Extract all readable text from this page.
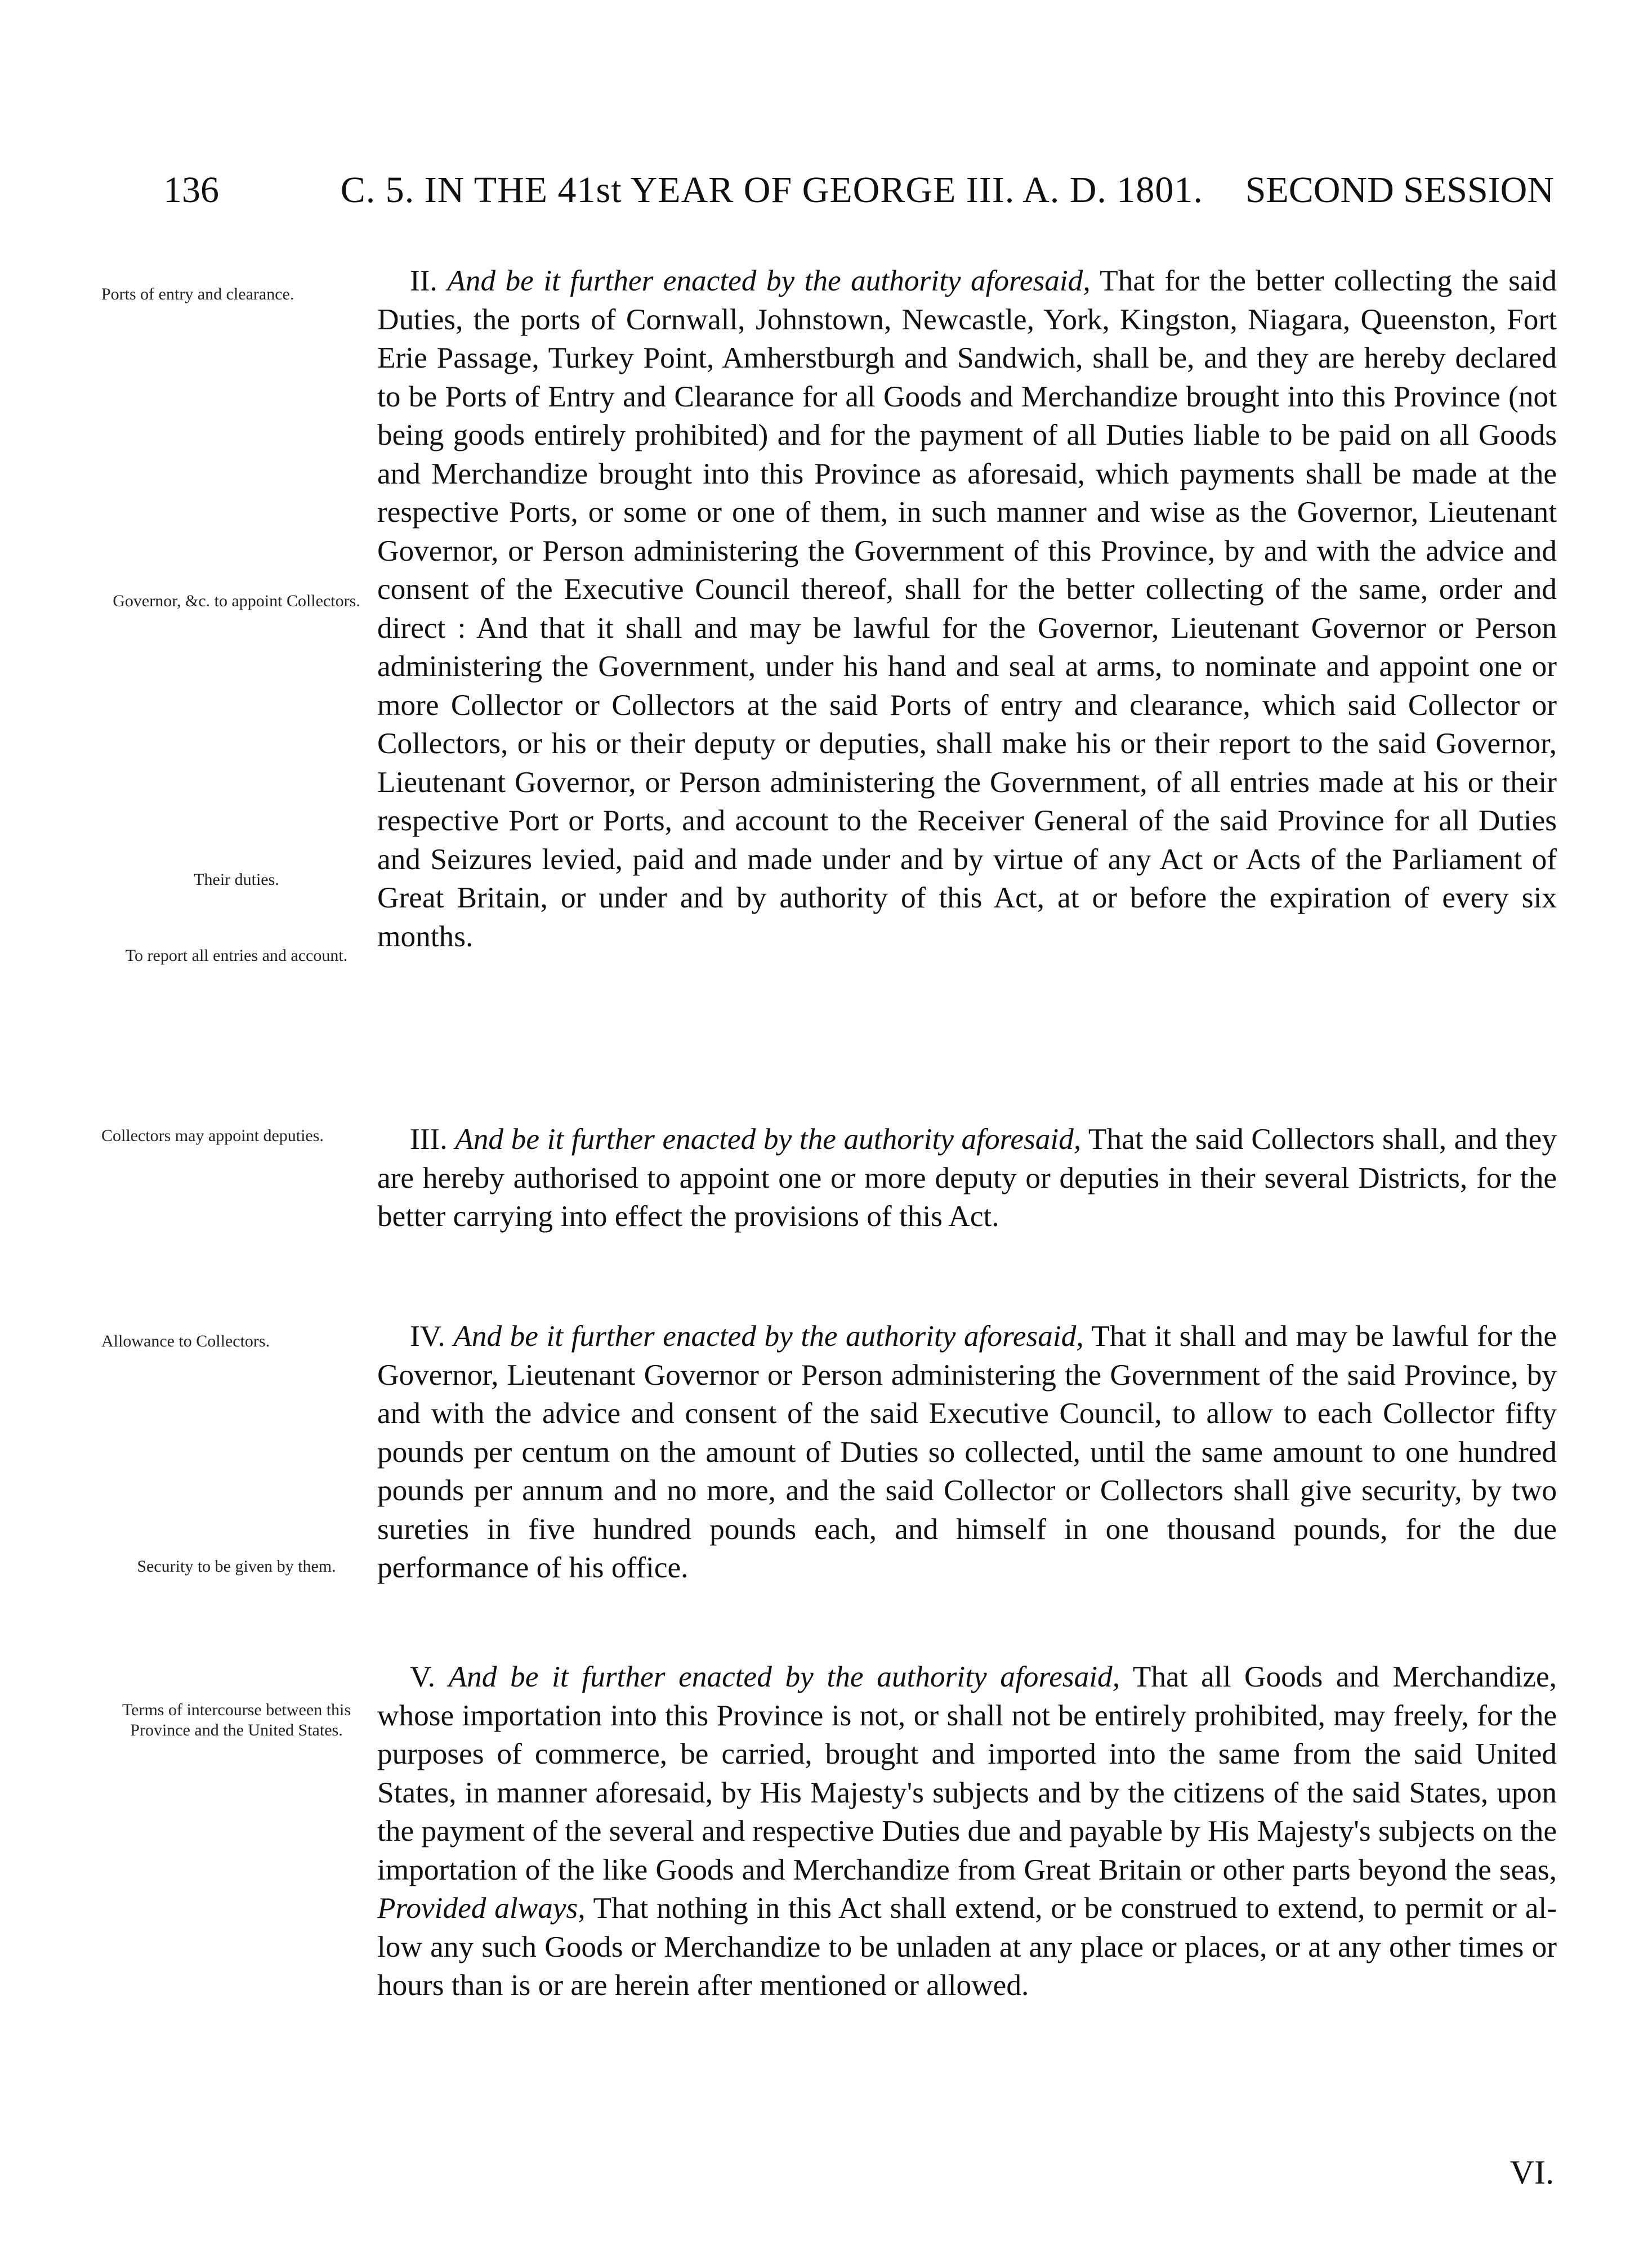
136	C. 5. IN THE 41st YEAR OF GEORGE III. A. D. 1801.	SECOND SESSION
Ports of entry and clearance.
Governor, &c. to appoint Collectors.
Their duties.
To report all entries and account.
Collectors may appoint deputies.
Allowance to Collectors.
Security to be given by them.
Terms of intercourse between this Province and the United States.

II. And be it further enacted by the authority aforesaid, That for the better collecting the said Duties, the ports of Cornwall, Johnstown, Newcastle, York, Kingston, Niagara, Queenston, Fort Erie Passage, Turkey Point, Amherstburgh and Sandwich, shall be, and they are hereby declared to be Ports of Entry and Clearance for all Goods and Merchandize brought into this Province (not being goods entirely prohibited) and for the payment of all Duties liable to be paid on all Goods and Merchandize brought into this Province as aforesaid, which payments shall be made at the respective Ports, or some or one of them, in such manner and wise as the Governor, Lieutenant Governor, or Person administering the Government of this Province, by and with the advice and consent of the Executive Council thereof, shall for the better collecting of the same, order and direct : And that it shall and may be lawful for the Governor, Lieutenant Governor or Person administering the Government, under his hand and seal at arms, to nominate and appoint one or more Collector or Collectors at the said Ports of entry and clearance, which said Collector or Collectors, or his or their deputy or deputies, shall make his or their report to the said Governor, Lieutenant Governor, or Person administering the Government, of all entries made at his or their respective Port or Ports, and account to the Receiver General of the said Province for all Duties and Seizures levied, paid and made under and by virtue of any Act or Acts of the Parliament of Great Britain, or under and by authority of this Act, at or before the expiration of every six months.

III. And be it further enacted by the authority aforesaid, That the said Collectors shall, and they are hereby authorised to appoint one or more deputy or deputies in their several Districts, for the better carrying into effect the provisions of this Act.

IV. And be it further enacted by the authority aforesaid, That it shall and may be lawful for the Governor, Lieutenant Governor or Person administering the Government of the said Province, by and with the advice and consent of the said Executive Council, to allow to each Collector fifty pounds per centum on the amount of Duties so collected, until the same amount to one hundred pounds per annum and no more, and the said Collector or Collectors shall give security, by two sureties in five hundred pounds each, and himself in one thousand pounds, for the due performance of his office.

V. And be it further enacted by the authority aforesaid, That all Goods and Merchandize, whose importation into this Province is not, or shall not be entirely prohibited, may freely, for the purposes of commerce, be carried, brought and imported into the same from the said United States, in manner aforesaid, by His Majesty's subjects and by the citizens of the said States, upon the payment of the several and respective Duties due and payable by His Majesty's subjects on the importation of the like Goods and Merchandize from Great Britain or other parts beyond the seas, Provided always, That nothing in this Act shall extend, or be construed to extend, to permit or allow any such Goods or Merchandize to be unladen at any place or places, or at any other times or hours than is or are herein after mentioned or allowed.

VI.
